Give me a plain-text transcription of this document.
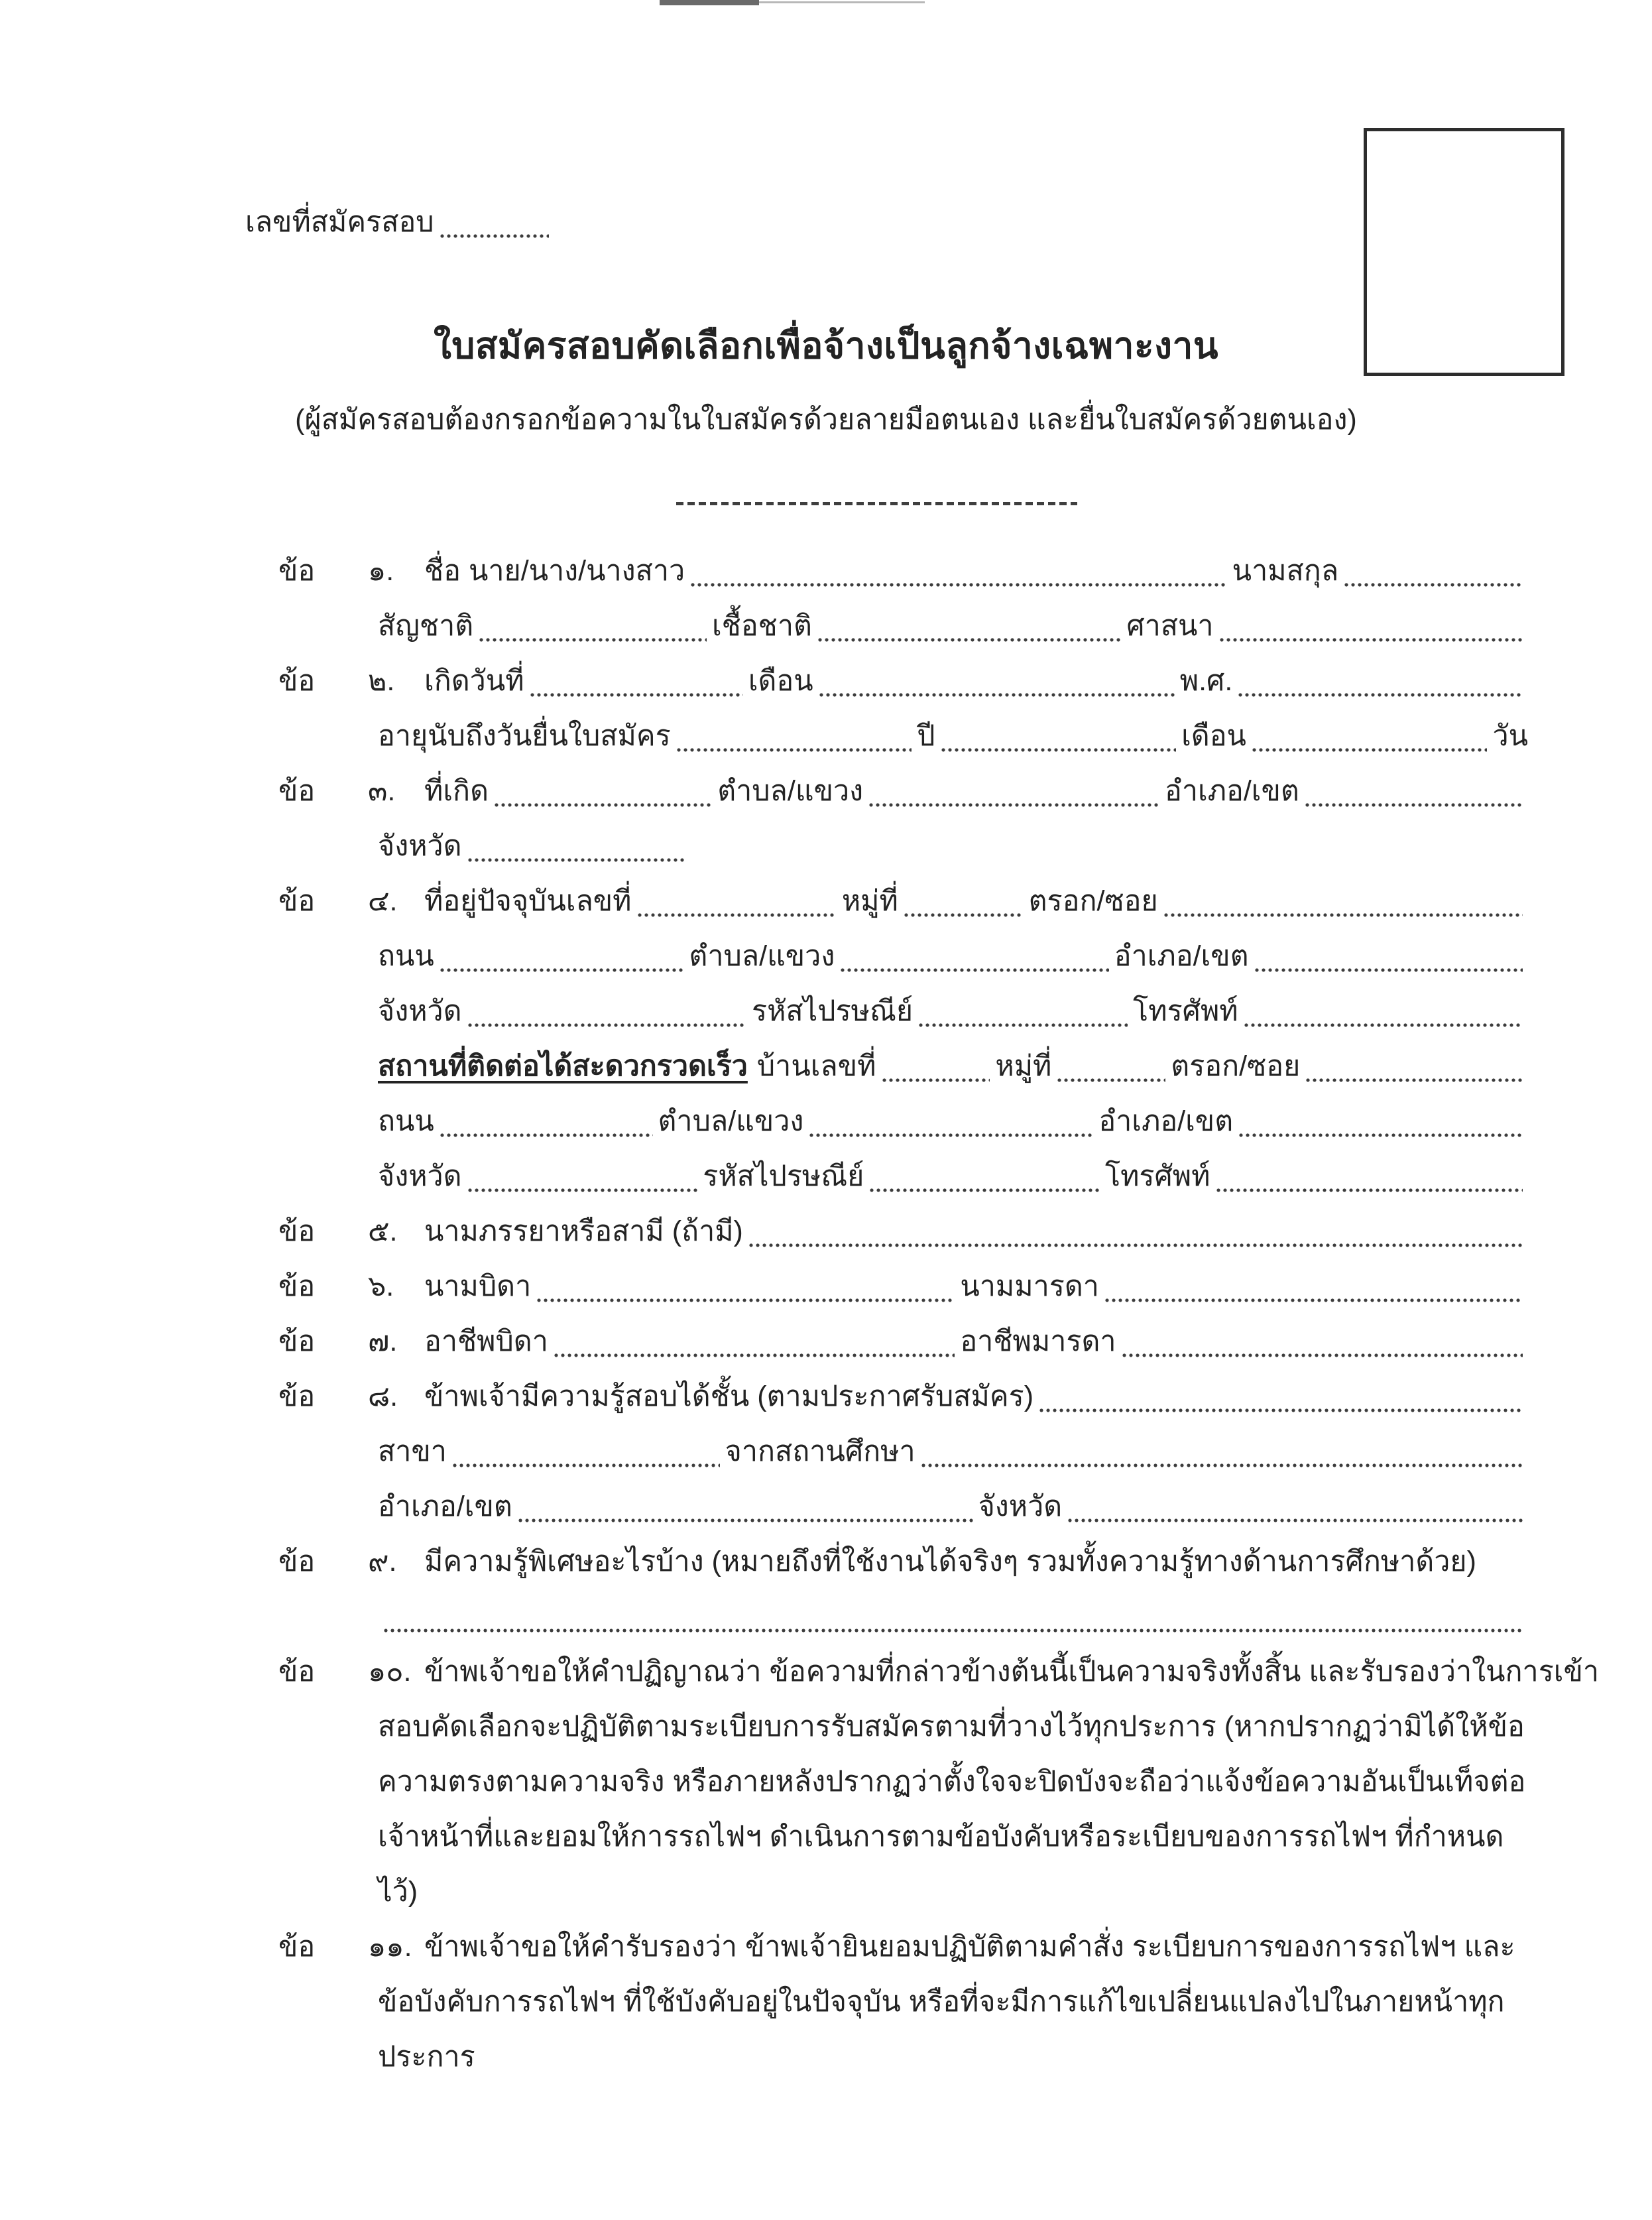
เลขที่สมัครสอบ
ใบสมัครสอบคัดเลือกเพื่อจ้างเป็นลูกจ้างเฉพาะงาน
(ผู้สมัครสอบต้องกรอกข้อความในใบสมัครด้วยลายมือตนเอง และยื่นใบสมัครด้วยตนเอง)
ข้อ	๑.	ชื่อ นาย/นาง/นางสาว	นามสกุล
สัญชาติ	เชื้อชาติ	ศาสนา
ข้อ	๒.	เกิดวันที่	เดือน	พ.ศ.
อายุนับถึงวันยื่นใบสมัคร	ปี	เดือน	วัน
ข้อ	๓.	ที่เกิด	ตำบล/แขวง	อำเภอ/เขต
จังหวัด
ข้อ	๔. ที่อยู่ปัจจุบันเลขที่	หมู่ที่	ตรอก/ซอย
ถนน	ตำบล/แขวง	อำเภอ/เขต
จังหวัด	รหัสไปรษณีย์	โทรศัพท์
สถานที่ติดต่อได้สะดวกรวดเร็ว บ้านเลขที่	หมู่ที่	ตรอก/ซอย
ถนน	ตำบล/แขวง	อำเภอ/เขต
จังหวัด	รหัสไปรษณีย์	โทรศัพท์
ข้อ	๕. นามภรรยาหรือสามี (ถ้ามี)
ข้อ	๖.	นามบิดา	นามมารดา
ข้อ	๗. อาชีพบิดา	อาชีพมารดา
ข้อ	๘. ข้าพเจ้ามีความรู้สอบได้ชั้น (ตามประกาศรับสมัคร)
สาขา	จากสถานศึกษา
อำเภอ/เขต	จังหวัด
ข้อ	๙. มีความรู้พิเศษอะไรบ้าง (หมายถึงที่ใช้งานได้จริงๆ รวมทั้งความรู้ทางด้านการศึกษาด้วย)
ข้อ	๑๐. ข้าพเจ้าขอให้คำปฏิญาณว่า ข้อความที่กล่าวข้างต้นนี้เป็นความจริงทั้งสิ้น และรับรองว่าในการเข้า
สอบคัดเลือกจะปฏิบัติตามระเบียบการรับสมัครตามที่วางไว้ทุกประการ (หากปรากฏว่ามิได้ให้ข้อ
ความตรงตามความจริง หรือภายหลังปรากฏว่าตั้งใจจะปิดบังจะถือว่าแจ้งข้อความอันเป็นเท็จต่อ
เจ้าหน้าที่และยอมให้การรถไฟฯ ดำเนินการตามข้อบังคับหรือระเบียบของการรถไฟฯ ที่กำหนด
ไว้)
ข้อ	๑๑. ข้าพเจ้าขอให้คำรับรองว่า ข้าพเจ้ายินยอมปฏิบัติตามคำสั่ง ระเบียบการของการรถไฟฯ และ
ข้อบังคับการรถไฟฯ ที่ใช้บังคับอยู่ในปัจจุบัน หรือที่จะมีการแก้ไขเปลี่ยนแปลงไปในภายหน้าทุก
ประการ
